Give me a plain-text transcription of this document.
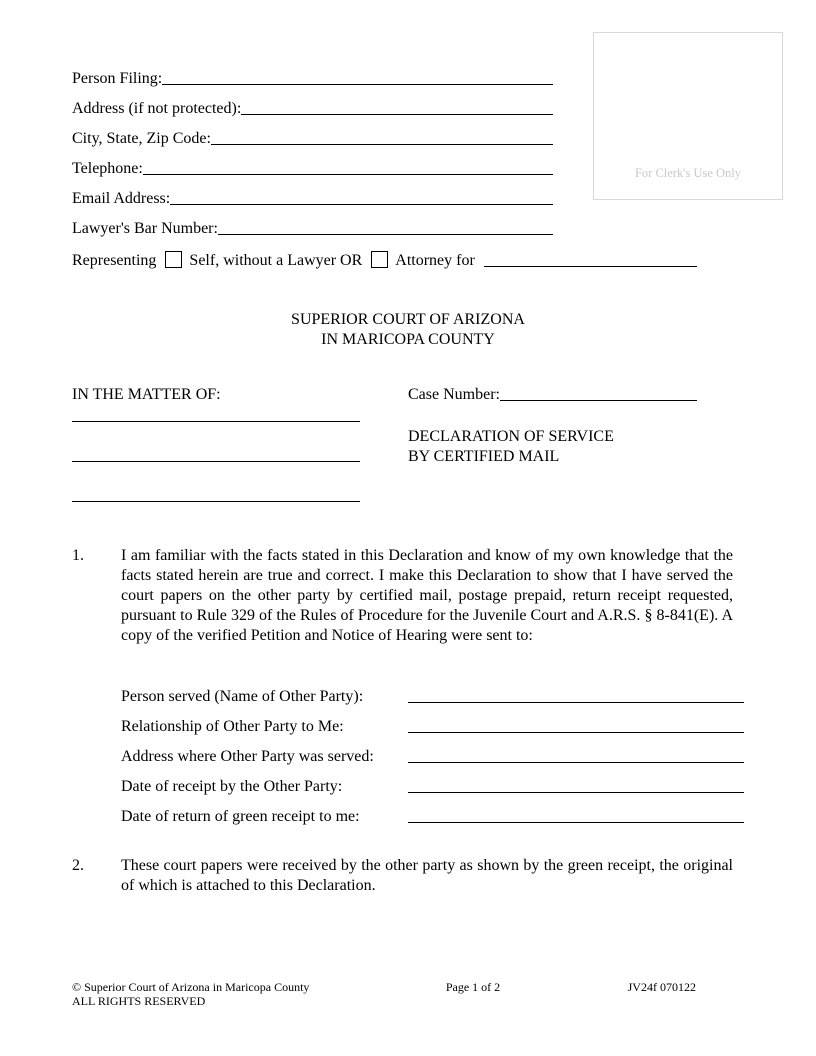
For Clerk's Use Only
Person Filing:
Address (if not protected):
City, State, Zip Code:
Telephone:
Email Address:
Lawyer's Bar Number:
Representing Self, without a Lawyer OR Attorney for
SUPERIOR COURT OF ARIZONA
IN MARICOPA COUNTY
IN THE MATTER OF:	Case Number:
DECLARATION OF SERVICE
BY CERTIFIED MAIL
1.	I am familiar with the facts stated in this Declaration and know of my own knowledge that the facts stated herein are true and correct. I make this Declaration to show that I have served the court papers on the other party by certified mail, postage prepaid, return receipt requested, pursuant to Rule 329 of the Rules of Procedure for the Juvenile Court and A.R.S. § 8-841(E). A copy of the verified Petition and Notice of Hearing were sent to:
Person served (Name of Other Party):
Relationship of Other Party to Me:
Address where Other Party was served:
Date of receipt by the Other Party:
Date of return of green receipt to me:
2.	These court papers were received by the other party as shown by the green receipt, the original of which is attached to this Declaration.
© Superior Court of Arizona in Maricopa County
ALL RIGHTS RESERVED
Page 1 of 2	JV24f 070122
